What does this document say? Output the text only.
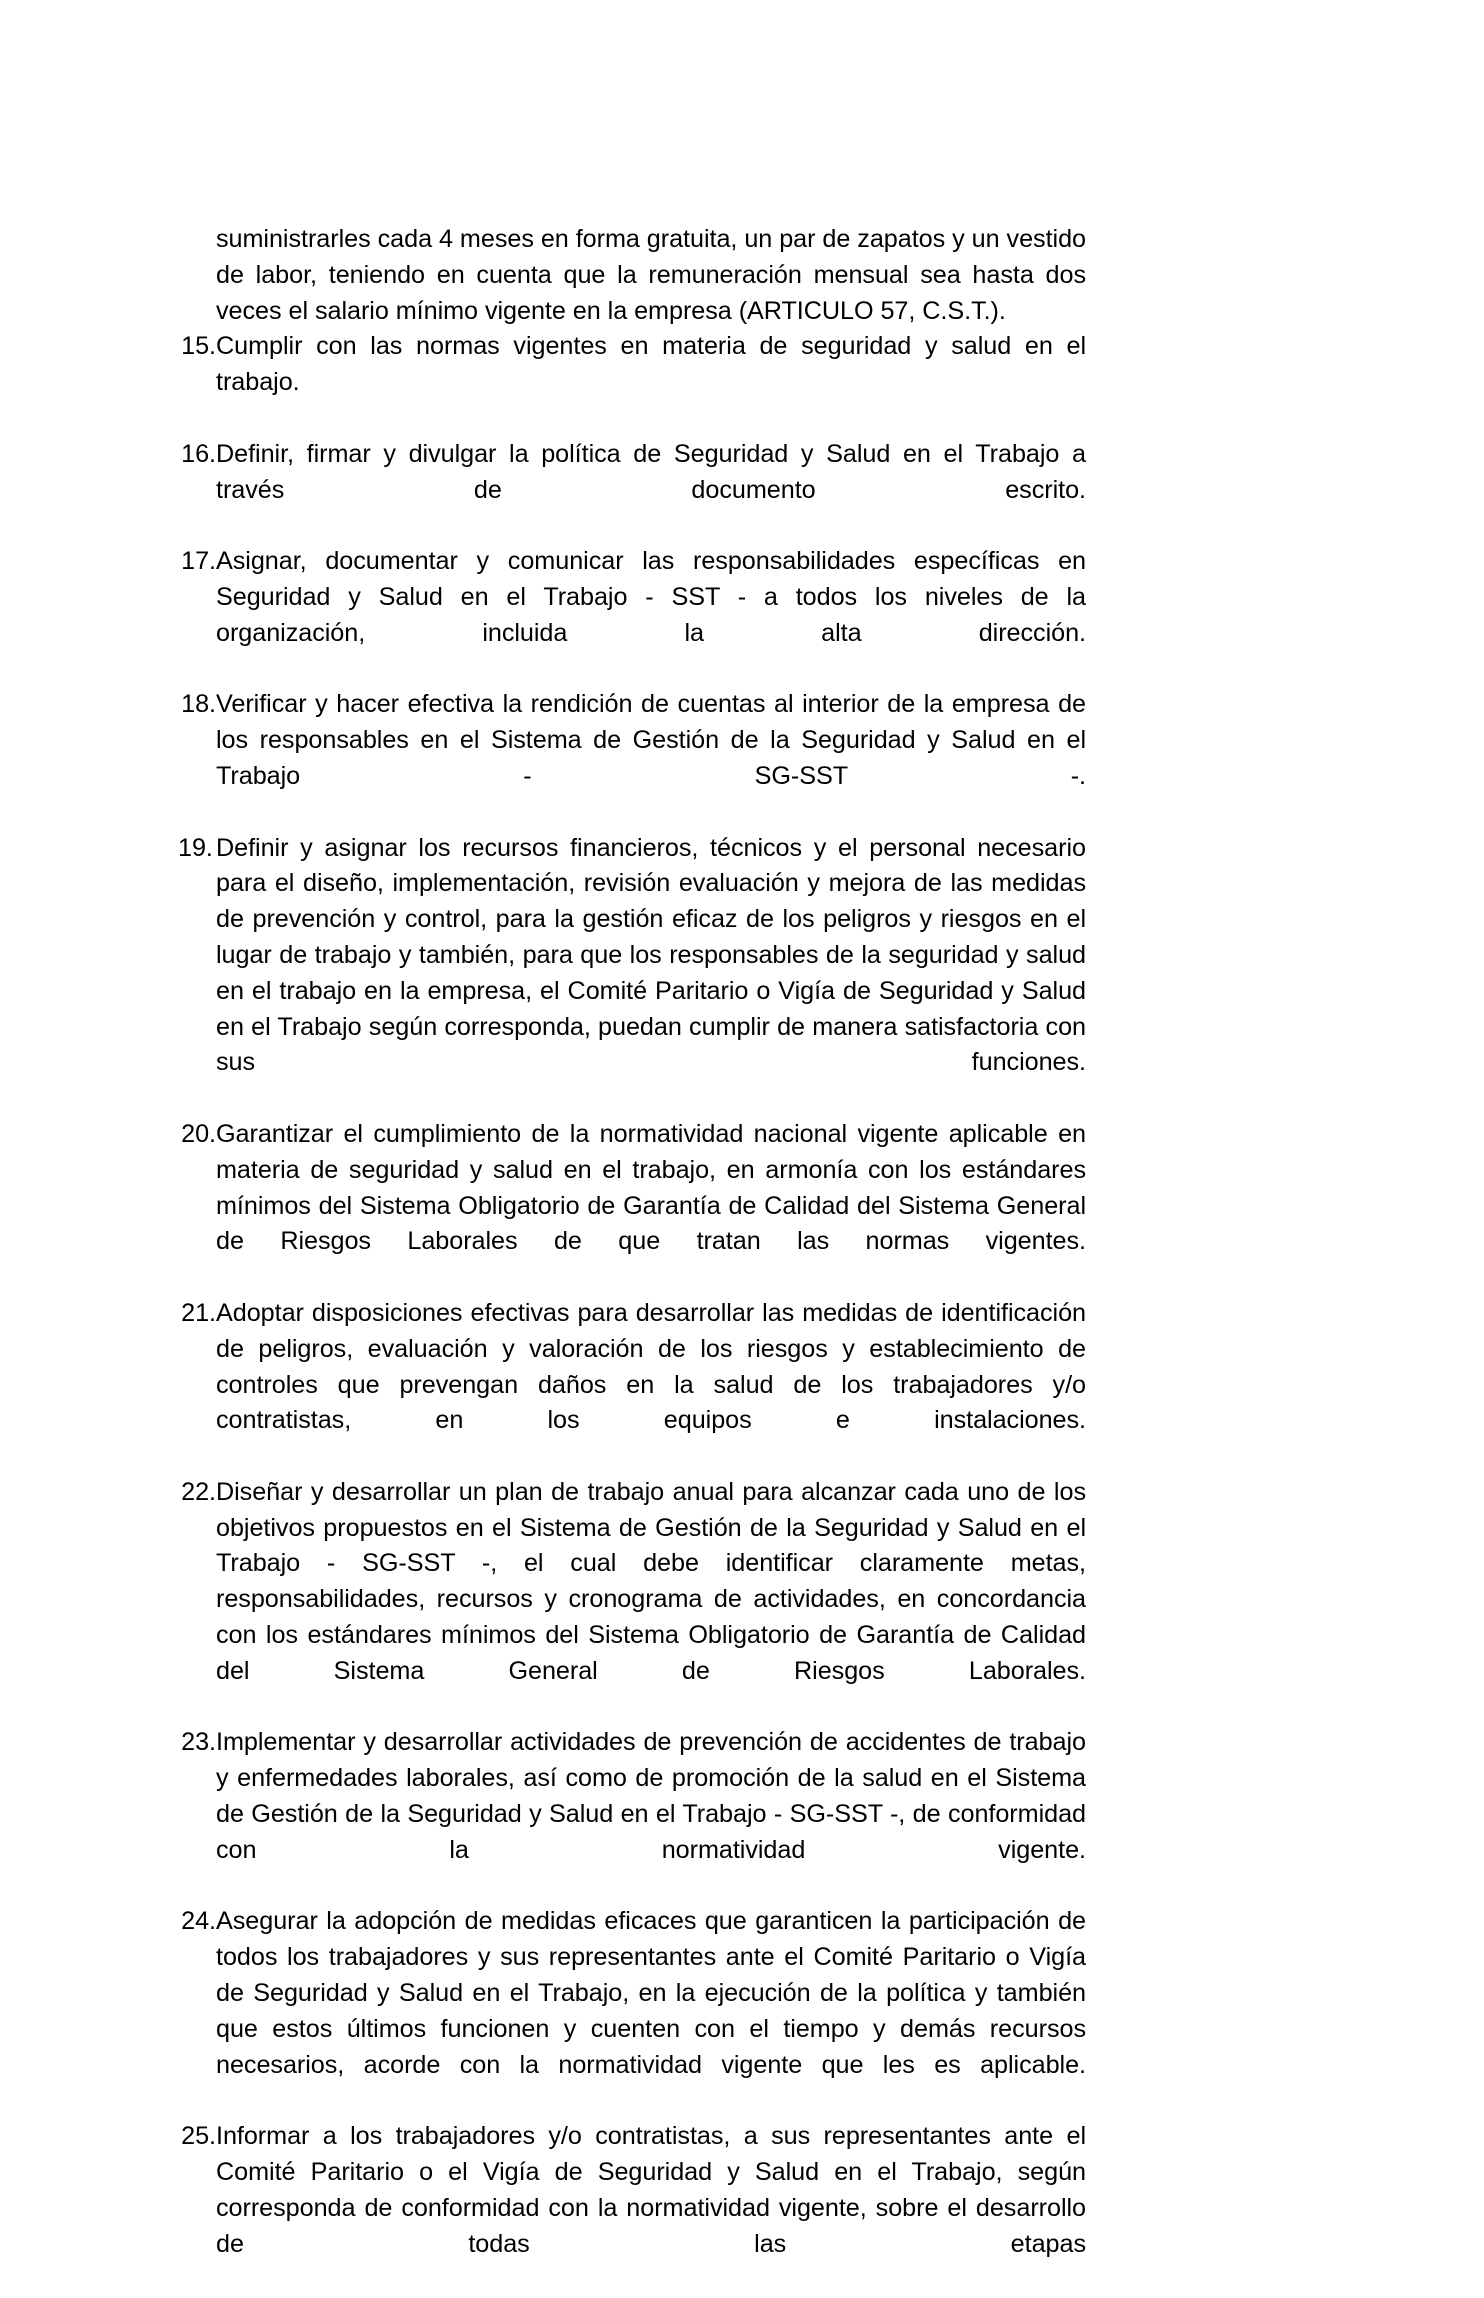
suministrarles cada 4 meses en forma gratuita, un par de zapatos y un vestido de labor, teniendo en cuenta que la remuneración mensual sea hasta dos veces el salario mínimo vigente en la empresa (ARTICULO 57, C.S.T.).

15. Cumplir con las normas vigentes en materia de seguridad y salud en el trabajo.
16. Definir, firmar y divulgar la política de Seguridad y Salud en el Trabajo a través de documento escrito.
17. Asignar, documentar y comunicar las responsabilidades específicas en Seguridad y Salud en el Trabajo - SST - a todos los niveles de la organización, incluida la alta dirección.
18. Verificar y hacer efectiva la rendición de cuentas al interior de la empresa de los responsables en el Sistema de Gestión de la Seguridad y Salud en el Trabajo - SG-SST -.
19.
Definir y asignar los recursos financieros, técnicos y el personal necesario para el diseño, implementación, revisión evaluación y mejora de las medidas de prevención y control, para la gestión eficaz de los peligros y riesgos en el lugar de trabajo y también, para que los responsables de la seguridad y salud en el trabajo en la empresa, el Comité Paritario o Vigía de Seguridad y Salud en el Trabajo según corresponda, puedan cumplir de manera satisfactoria con sus funciones.
20. Garantizar el cumplimiento de la normatividad nacional vigente aplicable en materia de seguridad y salud en el trabajo, en armonía con los estándares mínimos del Sistema Obligatorio de Garantía de Calidad del Sistema General de Riesgos Laborales de que tratan las normas vigentes.
21. Adoptar disposiciones efectivas para desarrollar las medidas de identificación de peligros, evaluación y valoración de los riesgos y establecimiento de controles que prevengan daños en la salud de los trabajadores y/o contratistas, en los equipos e instalaciones.
22. Diseñar y desarrollar un plan de trabajo anual para alcanzar cada uno de los objetivos propuestos en el Sistema de Gestión de la Seguridad y Salud en el Trabajo - SG-SST -, el cual debe identificar claramente metas, responsabilidades, recursos y cronograma de actividades, en concordancia con los estándares mínimos del Sistema Obligatorio de Garantía de Calidad del Sistema General de Riesgos Laborales.
23. Implementar y desarrollar actividades de prevención de accidentes de trabajo y enfermedades laborales, así como de promoción de la salud en el Sistema de Gestión de la Seguridad y Salud en el Trabajo - SG-SST -, de conformidad con la normatividad vigente.
24. Asegurar la adopción de medidas eficaces que garanticen la participación de todos los trabajadores y sus representantes ante el Comité Paritario o Vigía de Seguridad y Salud en el Trabajo, en la ejecución de la política y también que estos últimos funcionen y cuenten con el tiempo y demás recursos necesarios, acorde con la normatividad vigente que les es aplicable.
25. Informar a los trabajadores y/o contratistas, a sus representantes ante el Comité Paritario o el Vigía de Seguridad y Salud en el Trabajo, según corresponda de conformidad con la normatividad vigente, sobre el desarrollo de todas las etapas
